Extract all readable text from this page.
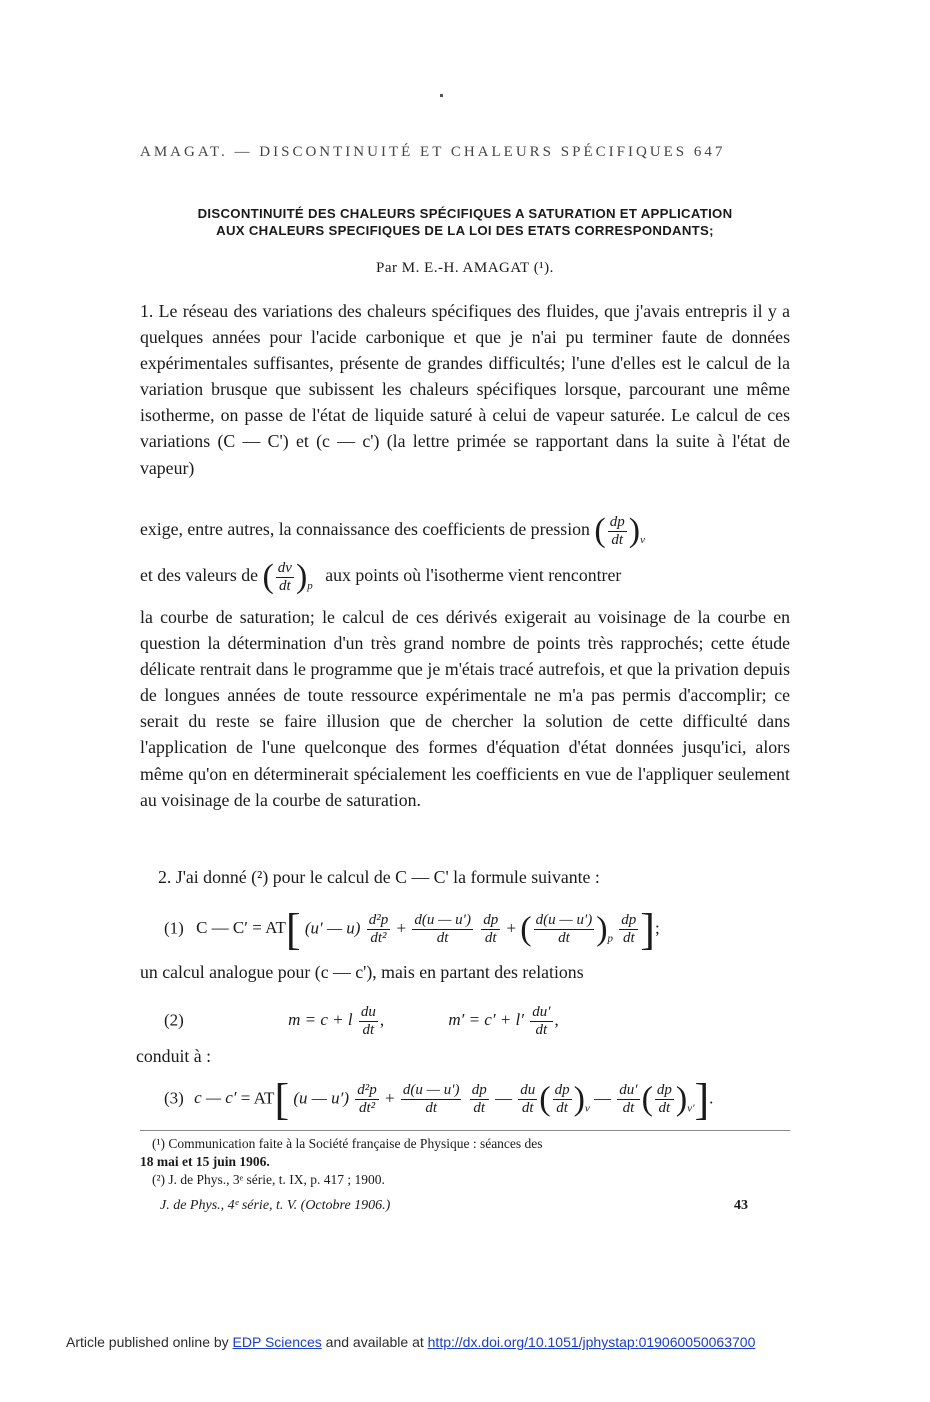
AMAGAT. — DISCONTINUITÉ ET CHALEURS SPÉCIFIQUES 647
DISCONTINUITÉ DES CHALEURS SPÉCIFIQUES A SATURATION ET APPLICATION
AUX CHALEURS SPECIFIQUES DE LA LOI DES ETATS CORRESPONDANTS;
Par M. E.-H. AMAGAT (¹).
1. Le réseau des variations des chaleurs spécifiques des fluides, que j'avais entrepris il y a quelques années pour l'acide carbonique et que je n'ai pu terminer faute de données expérimentales suffisantes, présente de grandes difficultés; l'une d'elles est le calcul de la variation brusque que subissent les chaleurs spécifiques lorsque, parcourant une même isotherme, on passe de l'état de liquide saturé à celui de vapeur saturée. Le calcul de ces variations (C — C') et (c — c') (la lettre primée se rapportant dans la suite à l'état de vapeur)
exige, entre autres, la connaissance des coefficients de pression ( $\frac{dp}{dt} )_v$
et des valeurs de ( $\frac{dv}{dt} )_p$ aux points où l'isotherme vient rencontrer
la courbe de saturation; le calcul de ces dérivés exigerait au voisinage de la courbe en question la détermination d'un très grand nombre de points très rapprochés; cette étude délicate rentrait dans le programme que je m'étais tracé autrefois, et que la privation depuis de longues années de toute ressource expérimentale ne m'a pas permis d'accomplir; ce serait du reste se faire illusion que de chercher la solution de cette difficulté dans l'application de l'une quelconque des formes d'équation d'état données jusqu'ici, alors même qu'on en déterminerait spécialement les coefficients en vue de l'appliquer seulement au voisinage de la courbe de saturation.
2. J'ai donné (²) pour le calcul de C — C' la formule suivante :
(1) C — C′ = AT[ (u′ — $u) \frac{\text{d²p}}{\text{dt²}} + \frac{d(u — u')}{dt}$
$\frac{dp}{dt}$ + ( $\frac{d(u — u')}{dt} )_p \frac{dp}{dt}$ ];
un calcul analogue pour (c — c'), mais en partant des relations
(2)	m = c + l $\frac{du}{dt}$ ,	$m' = c' + l' \frac{du'}{dt}$ ,
conduit à :
(3) c — c′ = AT[ (u — $u') \frac{\text{d²p}}{\text{dt²}} + \frac{d(u — u')}{dt}$
$\frac{dp}{dt}$ — $\frac{du}{dt}$ ( $\frac{dp}{dt} )_v$ — $\frac{du'}{dt}$ ( $\frac{dp}{dt} )_{v'}$].
(¹) Communication faite à la Société française de Physique : séances des
18 mai et 15 juin 1906.
(²) J. de Phys., 3ᵉ série, t. IX, p. 417 ; 1900.
J. de Phys., 4ᵉ série, t. V. (Octobre 1906.)	43
Article published online by EDP Sciences and available at http://dx.doi.org/10.1051/jphystap:019060050063700
